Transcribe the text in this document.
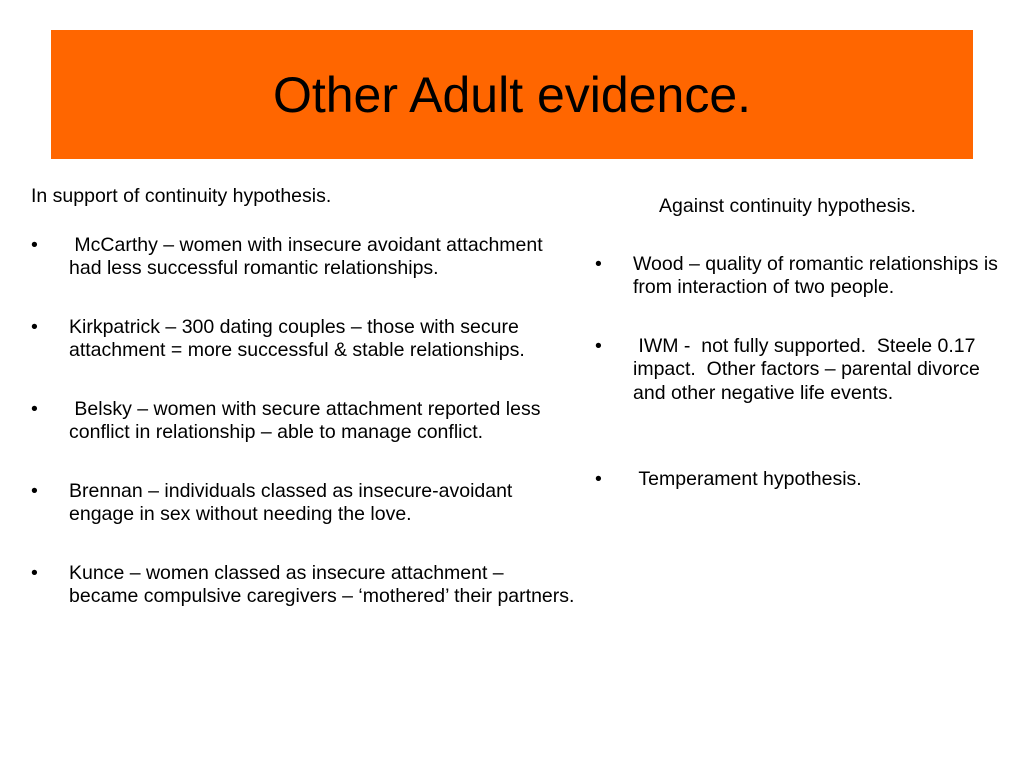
Other Adult evidence.

In support of continuity hypothesis.

•	McCarthy – women with insecure avoidant attachment had less successful romantic relationships.
•	Kirkpatrick – 300 dating couples – those with secure attachment = more successful & stable relationships.
•	Belsky – women with secure attachment reported less conflict in relationship – able to manage conflict.
•	Brennan – individuals classed as insecure-avoidant engage in sex without needing the love.
•	Kunce – women classed as insecure attachment – became compulsive caregivers – ‘mothered’ their partners.

Against continuity hypothesis.

•	Wood – quality of romantic relationships is from interaction of two people.
•	IWM -  not fully supported.  Steele 0.17 impact.  Other factors – parental divorce and other negative life events.
•	Temperament hypothesis.
